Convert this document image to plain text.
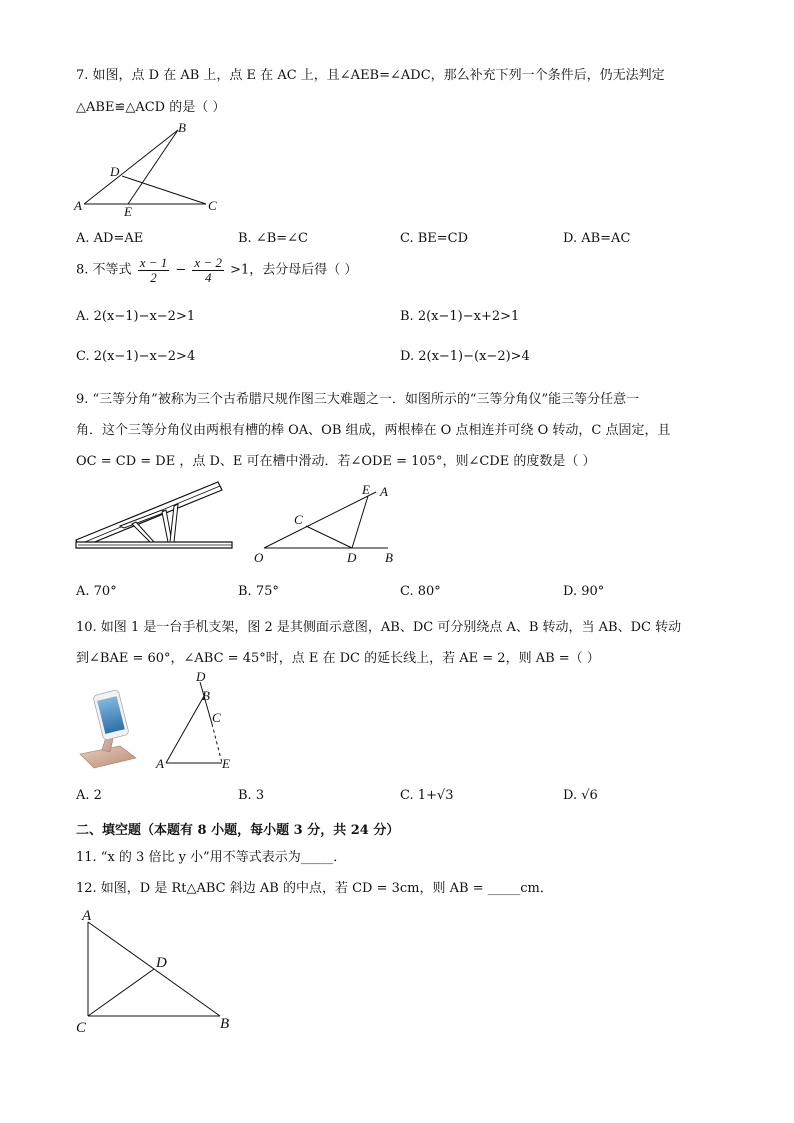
7. 如图，点 D 在 AB 上，点 E 在 AC 上，且∠AEB=∠ADC，那么补充下列一个条件后，仍无法判定
△ABE≌△ACD 的是（ ）
A
B
C
D
E
A. AD=AE	B. ∠B=∠C	C. BE=CD	D. AB=AC
8. 不等式 $\frac{x - 1}{2} - \frac{x - 2}{4} >1$，去分母后得（ ）
A. 2(x−1)−x−2>1	B. 2(x−1)−x+2>1
C. 2(x−1)−x−2>4	D. 2(x−1)−(x−2)>4
9. “三等分角”被称为三个古希腊尺规作图三大难题之一．如图所示的“三等分角仪”能三等分任意一
角．这个三等分角仪由两根有槽的棒 OA、OB 组成，两根棒在 O 点相连并可绕 O 转动，C 点固定，且
OC = CD = DE ，点 D、E 可在槽中滑动．若∠ODE = 105°，则∠CDE 的度数是（ ）
O
C
D B
E A
A. 70°	B. 75°	C. 80°	D. 90°
10. 如图 1 是一台手机支架，图 2 是其侧面示意图，AB、DC 可分别绕点 A、B 转动，当 AB、DC 转动
到∠BAE = 60°，∠ABC = 45°时，点 E 在 DC 的延长线上，若 AE = 2，则 AB =（ ）
D
B
C
A	E
A. 2	B. 3	C. 1+√3	D. √6
二、填空题（本题有 8 小题，每小题 3 分，共 24 分）
11. “x 的 3 倍比 y 小”用不等式表示为_____．
12. 如图，D 是 Rt△ABC 斜边 AB 的中点，若 CD = 3cm，则 AB = _____cm．
A
D
C	B
